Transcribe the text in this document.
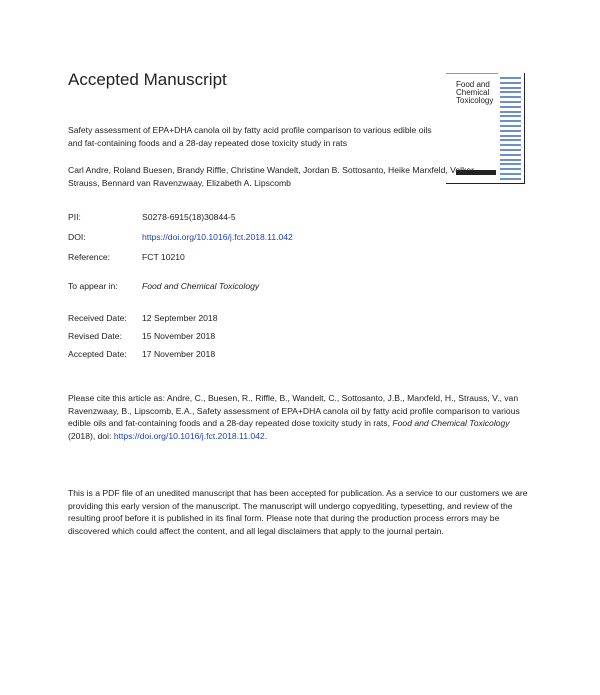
Accepted Manuscript	Food and
Chemical
Toxicology
Safety assessment of EPA+DHA canola oil by fatty acid profile comparison to various edible oils and fat-containing foods and a 28-day repeated dose toxicity study in rats
Carl Andre, Roland Buesen, Brandy Riffle, Christine Wandelt, Jordan B. Sottosanto, Heike Marxfeld, Volker Strauss, Bennard van Ravenzwaay, Elizabeth A. Lipscomb
PII:	S0278-6915(18)30844-5
DOI:	https://doi.org/10.1016/j.fct.2018.11.042
Reference:	FCT 10210
To appear in:	Food and Chemical Toxicology
Received Date: 12 September 2018
Revised Date: 15 November 2018
Accepted Date: 17 November 2018
Please cite this article as: Andre, C., Buesen, R., Riffle, B., Wandelt, C., Sottosanto, J.B., Marxfeld, H., Strauss, V., van Ravenzwaay, B., Lipscomb, E.A., Safety assessment of EPA+DHA canola oil by fatty acid profile comparison to various edible oils and fat-containing foods and a 28-day repeated dose toxicity study in rats, Food and Chemical Toxicology (2018), doi: https://doi.org/10.1016/j.fct.2018.11.042.
This is a PDF file of an unedited manuscript that has been accepted for publication. As a service to our customers we are providing this early version of the manuscript. The manuscript will undergo copyediting, typesetting, and review of the resulting proof before it is published in its final form. Please note that during the production process errors may be discovered which could affect the content, and all legal disclaimers that apply to the journal pertain.
